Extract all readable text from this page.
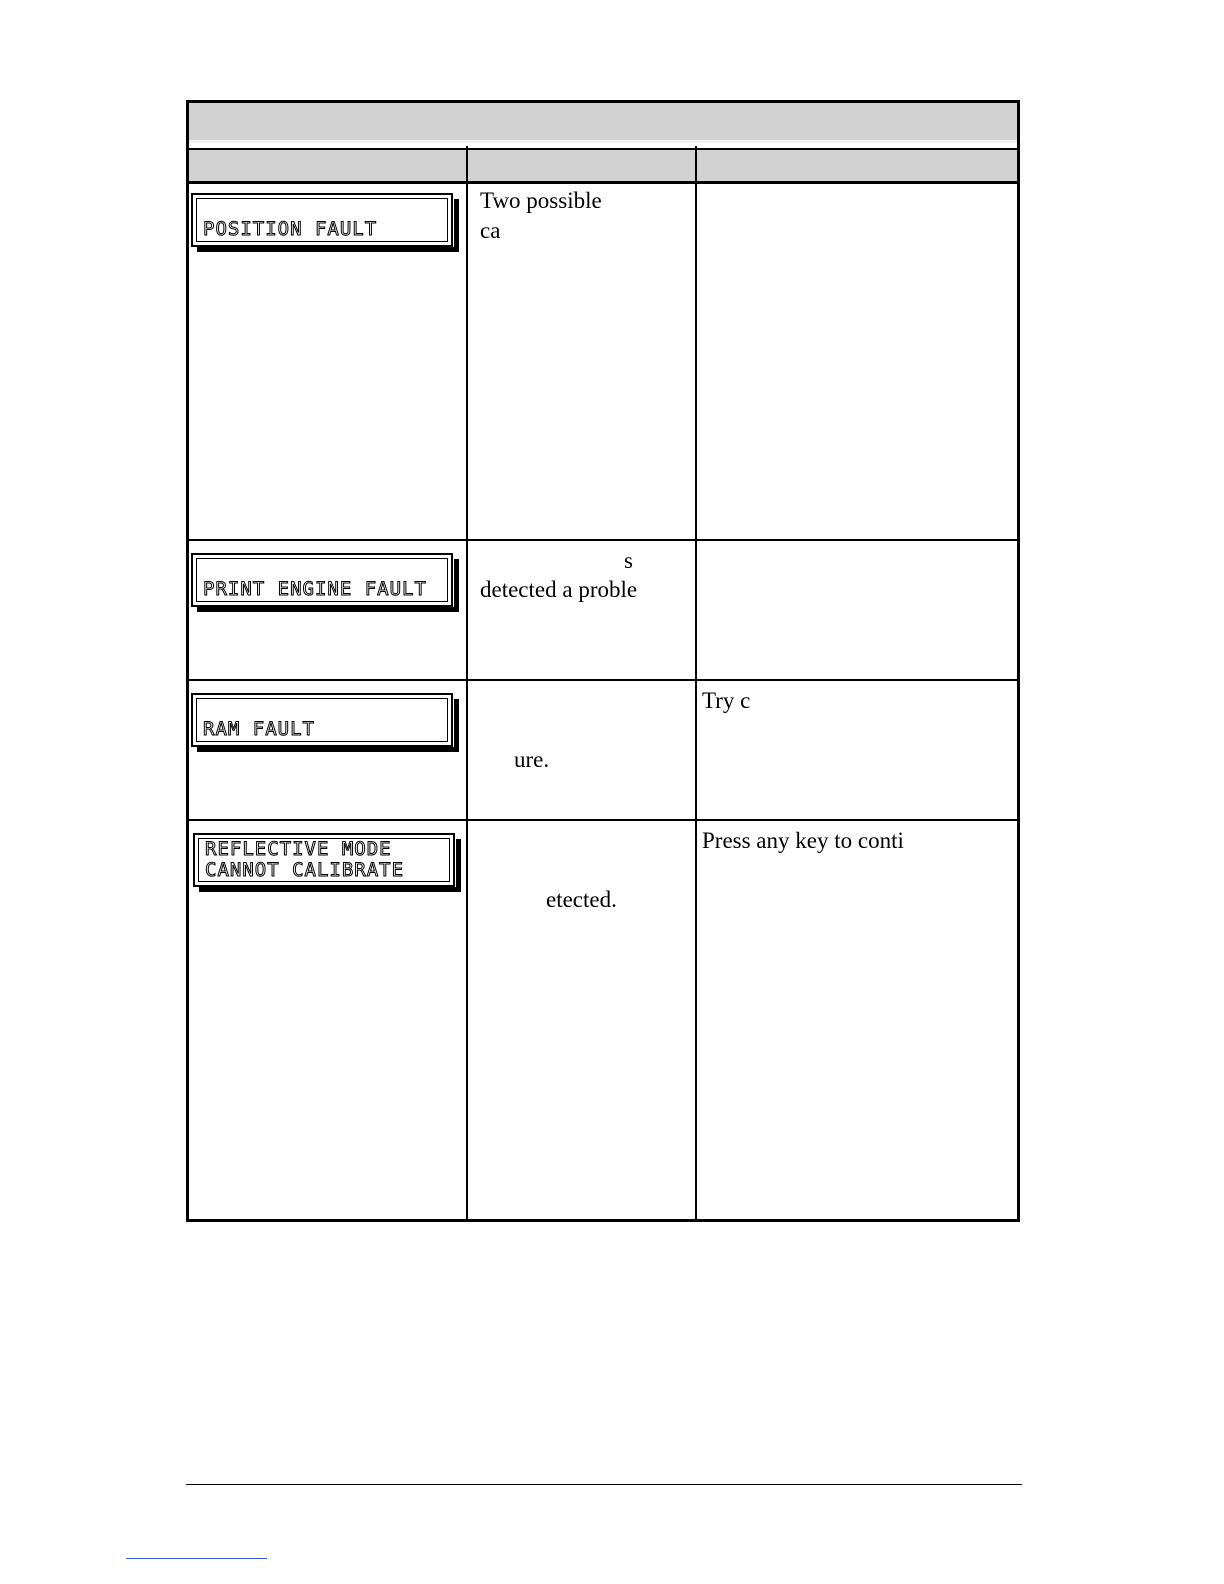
POSITION FAULT
Two possible
ca
PRINT ENGINE FAULT
s
detected a proble
RAM FAULT
ure.
Try c
REFLECTIVE MODE
CANNOT CALIBRATE
etected.
Press any key to conti
